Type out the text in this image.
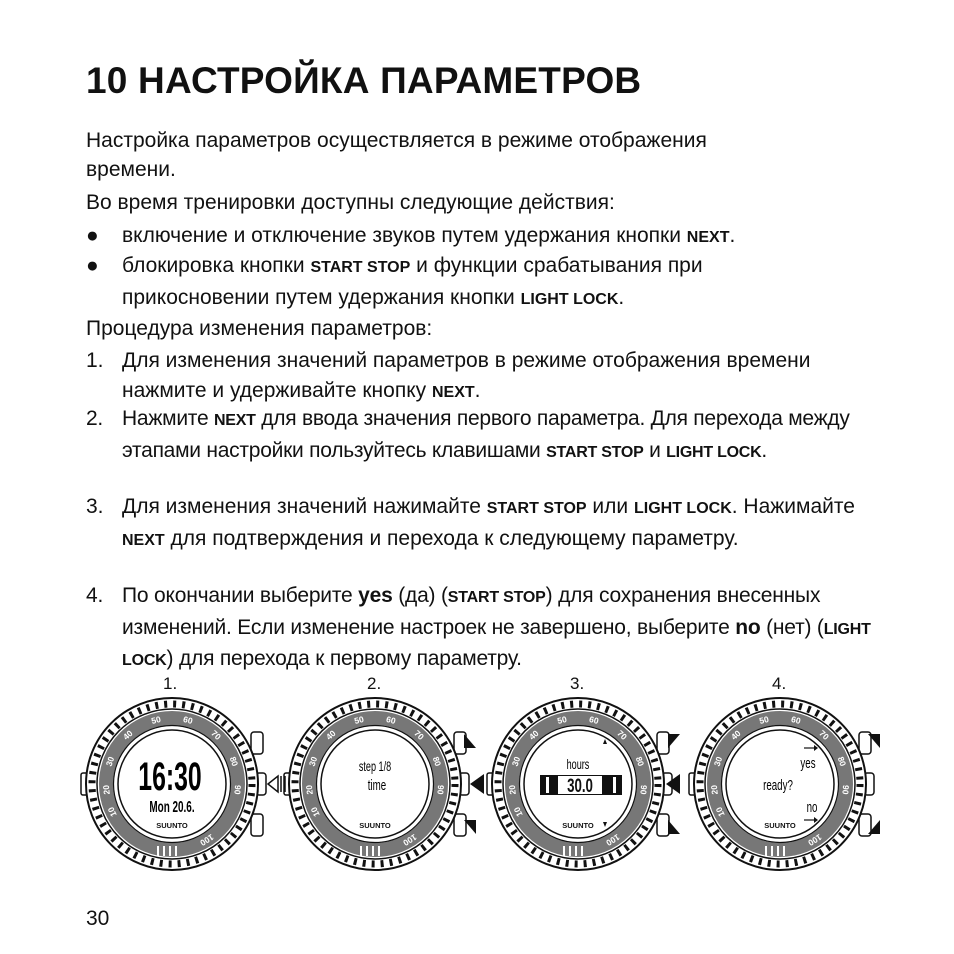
10 НАСТРОЙКА ПАРАМЕТРОВ

Настройка параметров осуществляется в режиме отображения

времени.

Во время тренировки доступны следующие действия:

● включение и отключение звуков путем удержания кнопки NEXT.
● блокировка кнопки START STOP и функции срабатывания при прикосновении путем удержания кнопки LIGHT LOCK.

Процедура изменения параметров:

1. Для изменения значений параметров в режиме отображения времени нажмите и удерживайте кнопку NEXT.
2. Нажмите NEXT для ввода значения первого параметра. Для перехода между этапами настройки пользуйтесь клавишами START STOP и LIGHT LOCK.
3. Для изменения значений нажимайте START STOP или LIGHT LOCK. Нажимайте NEXT для подтверждения и перехода к следующему параметру.
4. По окончании выберите yes (да) (START STOP) для сохранения внесенных изменений. Если изменение настроек не завершено, выберите no (нет) (LIGHT LOCK) для перехода к первому параметру.
1.	2.	3.	4.
10
20
30
40
50 60
70
80
90
100
10
20
30
40
50 60
70
80
90
100
10
20
30
40
50 60
70
80
90
100
10
20
30
40
50 60
70
80
90
100
SUUNTO	SUUNTO	SUUNTO	SUUNTO
16:30
Mon 20.6.
step 1/8
time
hours
30.0
yes
ready?
no
30
